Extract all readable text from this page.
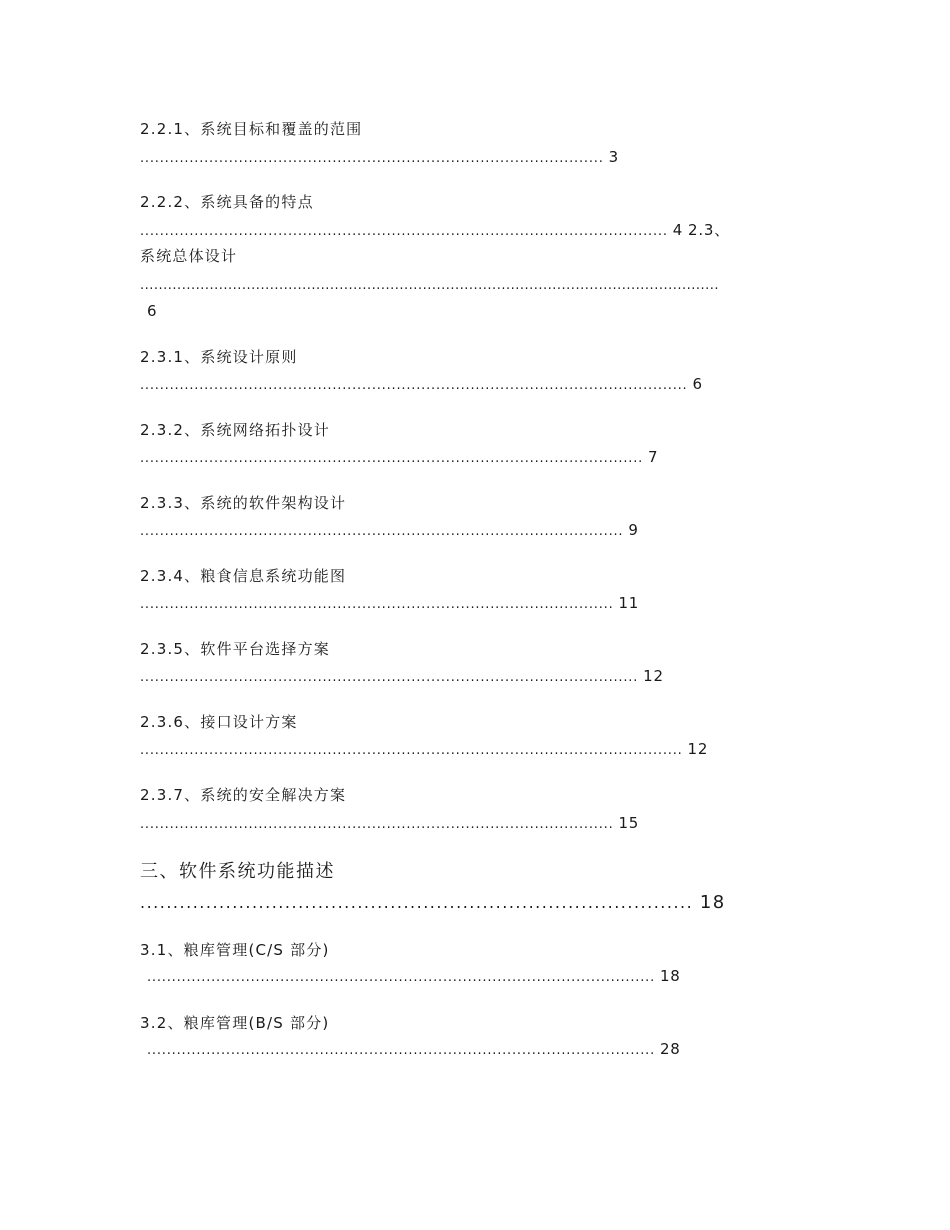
2.2.1、系统目标和覆盖的范围
.............................................................................................. 3
2.2.2、系统具备的特点
........................................................................................................... 4 2.3、
系统总体设计
.............................................................................................................................
6
2.3.1、系统设计原则
............................................................................................................... 6
2.3.2、系统网络拓扑设计
...................................................................................................... 7
2.3.3、系统的软件架构设计
.................................................................................................. 9
2.3.4、粮食信息系统功能图
................................................................................................ 11
2.3.5、软件平台选择方案
..................................................................................................... 12
2.3.6、接口设计方案
.............................................................................................................. 12
2.3.7、系统的安全解决方案
................................................................................................ 15
三、软件系统功能描述
.................................................................................... 18
3.1、粮库管理(C/S 部分)
....................................................................................................... 18
3.2、粮库管理(B/S 部分)
....................................................................................................... 28
